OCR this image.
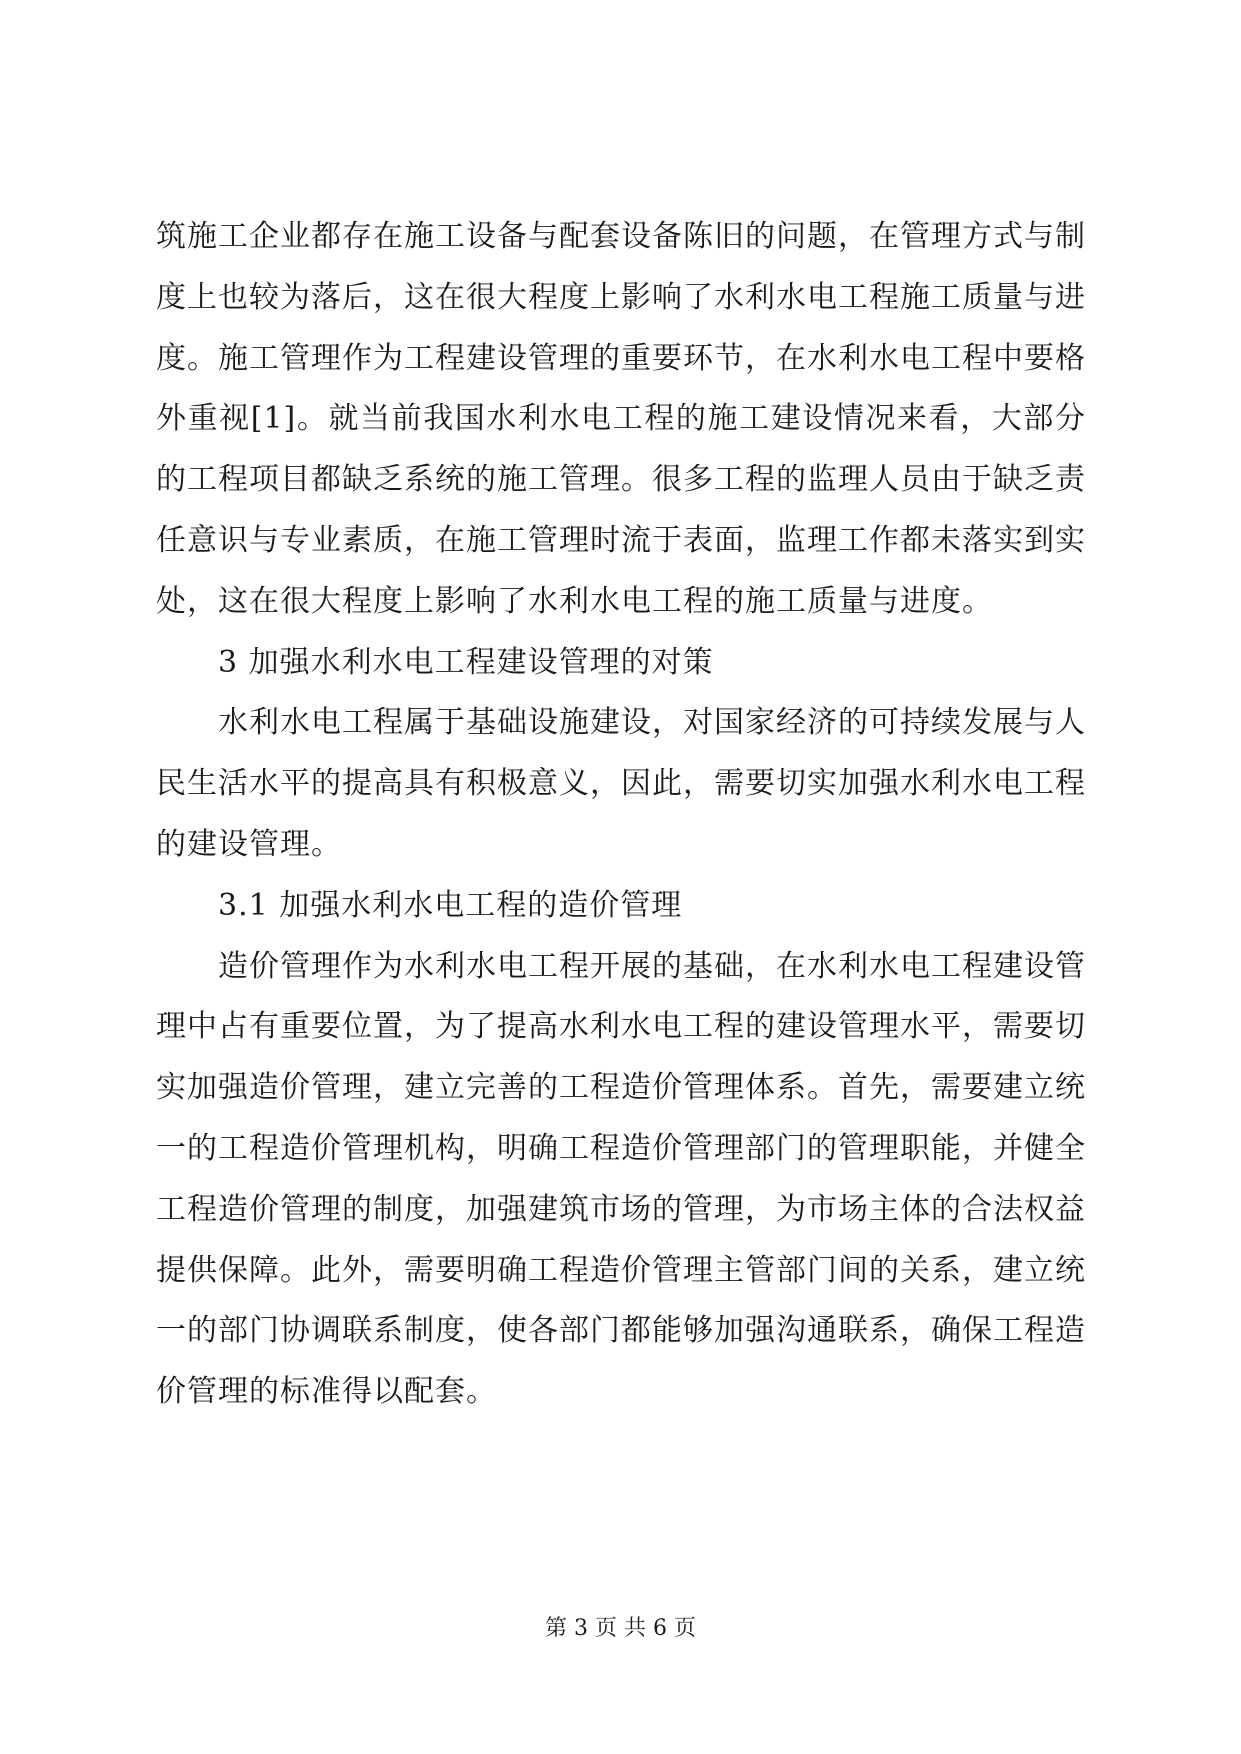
筑施工企业都存在施工设备与配套设备陈旧的问题，在管理方式与制度上也较为落后，这在很大程度上影响了水利水电工程施工质量与进度。施工管理作为工程建设管理的重要环节，在水利水电工程中要格外重视[1]。就当前我国水利水电工程的施工建设情况来看，大部分的工程项目都缺乏系统的施工管理。很多工程的监理人员由于缺乏责任意识与专业素质，在施工管理时流于表面，监理工作都未落实到实处，这在很大程度上影响了水利水电工程的施工质量与进度。

3 加强水利水电工程建设管理的对策

水利水电工程属于基础设施建设，对国家经济的可持续发展与人民生活水平的提高具有积极意义，因此，需要切实加强水利水电工程的建设管理。

3.1 加强水利水电工程的造价管理

造价管理作为水利水电工程开展的基础，在水利水电工程建设管理中占有重要位置，为了提高水利水电工程的建设管理水平，需要切实加强造价管理，建立完善的工程造价管理体系。首先，需要建立统一的工程造价管理机构，明确工程造价管理部门的管理职能，并健全工程造价管理的制度，加强建筑市场的管理，为市场主体的合法权益提供保障。此外，需要明确工程造价管理主管部门间的关系，建立统一的部门协调联系制度，使各部门都能够加强沟通联系，确保工程造价管理的标准得以配套。

第 3 页 共 6 页
